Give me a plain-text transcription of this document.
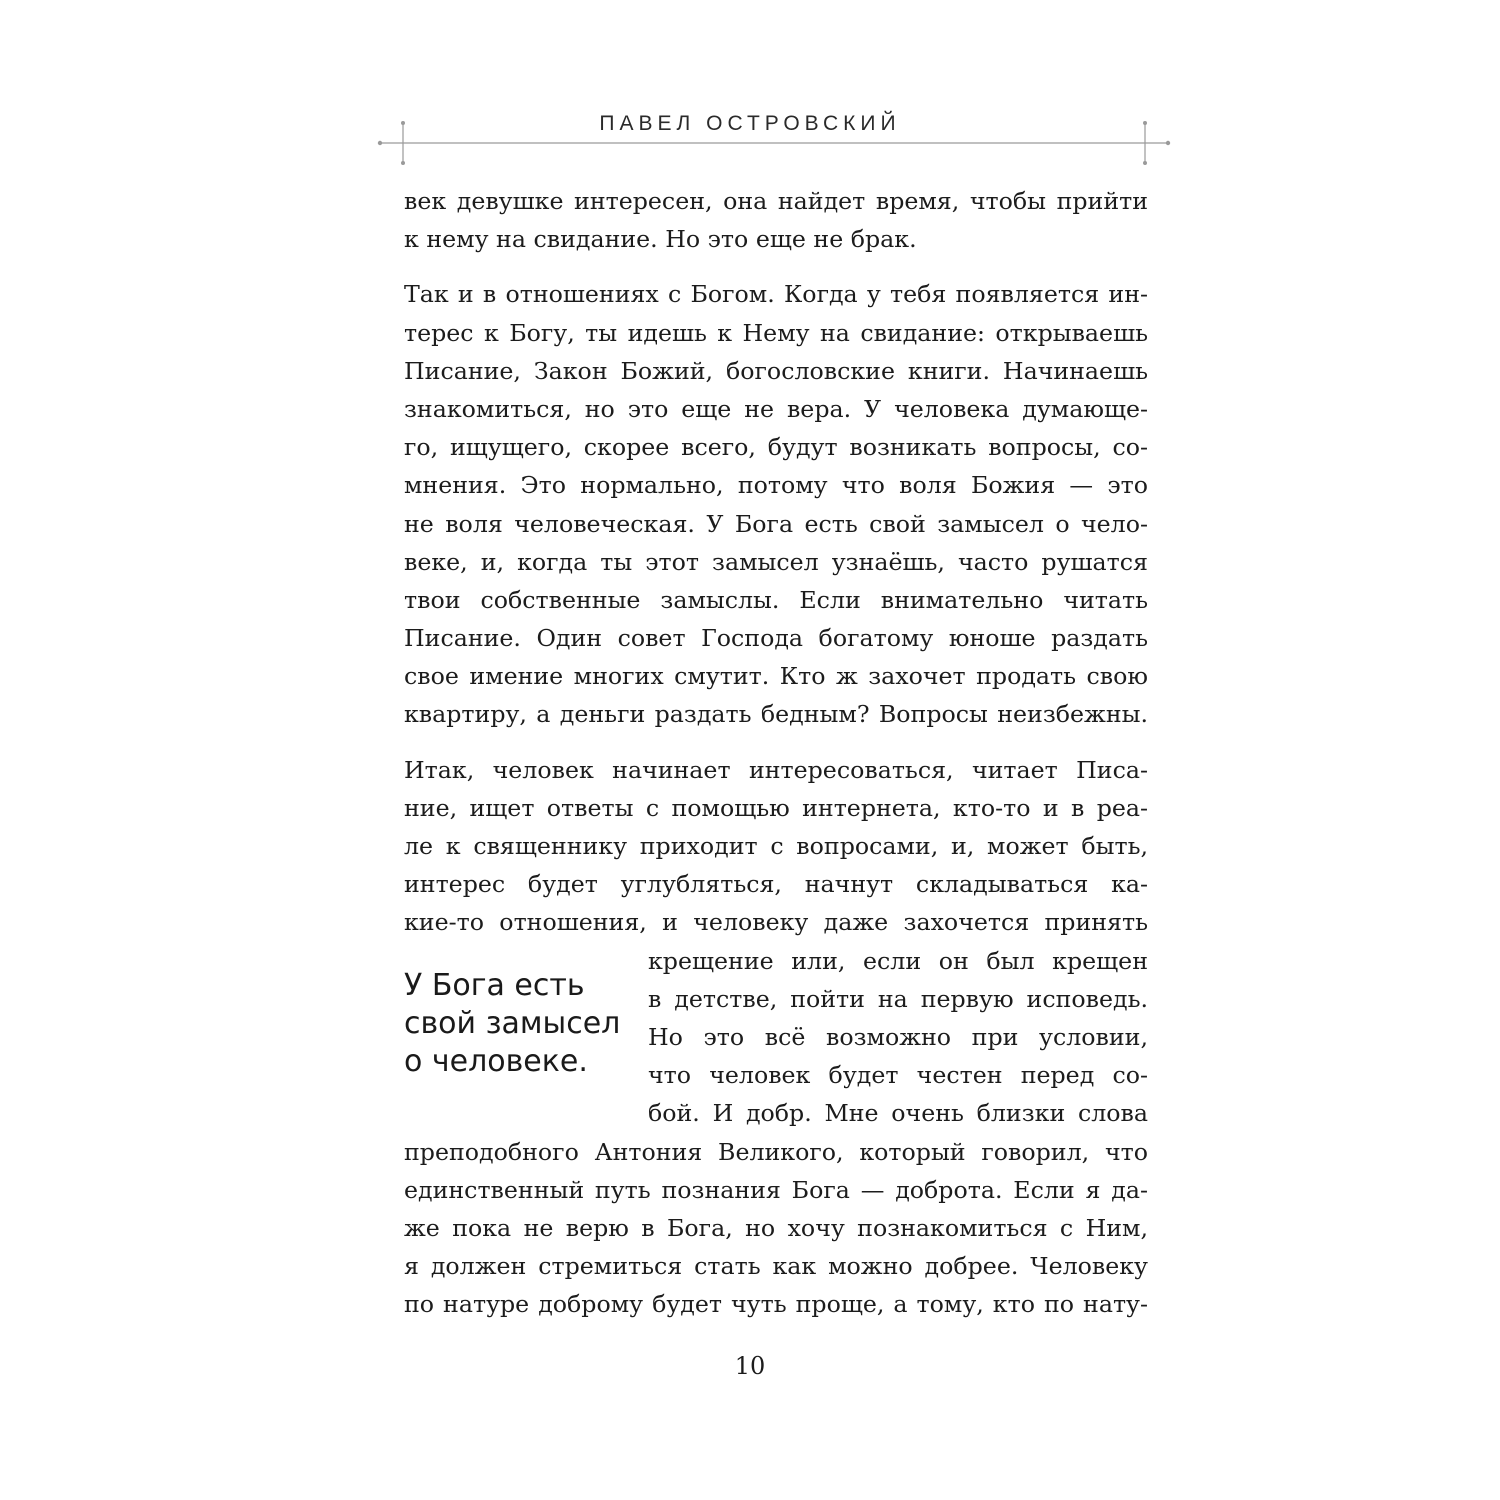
ПАВЕЛ ОСТРОВСКИЙ
век девушке интересен, она найдет время, чтобы прийти
к нему на свидание. Но это еще не брак.
Так и в отношениях с Богом. Когда у тебя появляется ин-
терес к Богу, ты идешь к Нему на свидание: открываешь
Писание, Закон Божий, богословские книги. Начинаешь
знакомиться, но это еще не вера. У человека думающе-
го, ищущего, скорее всего, будут возникать вопросы, со-
мнения. Это нормально, потому что воля Божия — это
не воля человеческая. У Бога есть свой замысел о чело-
веке, и, когда ты этот замысел узнаёшь, часто рушатся
твои собственные замыслы. Если внимательно читать
Писание. Один совет Господа богатому юноше раздать
свое имение многих смутит. Кто ж захочет продать свою
квартиру, а деньги раздать бедным? Вопросы неизбежны.
Итак, человек начинает интересоваться, читает Писа-
ние, ищет ответы с помощью интернета, кто-то и в реа-
ле к священнику приходит с вопросами, и, может быть,
интерес будет углубляться, начнут складываться ка-
кие-то отношения, и человеку даже захочется принять
крещение или, если он был крещен
в детстве, пойти на первую исповедь.
Но это всё возможно при условии,
что человек будет честен перед со-
бой. И добр. Мне очень близки слова
преподобного Антония Великого, который говорил, что
единственный путь познания Бога — доброта. Если я да-
же пока не верю в Бога, но хочу познакомиться с Ним,
я должен стремиться стать как можно добрее. Человеку
по натуре доброму будет чуть проще, а тому, кто по нату-
У Бога есть
свой замысел
о человеке.
10
